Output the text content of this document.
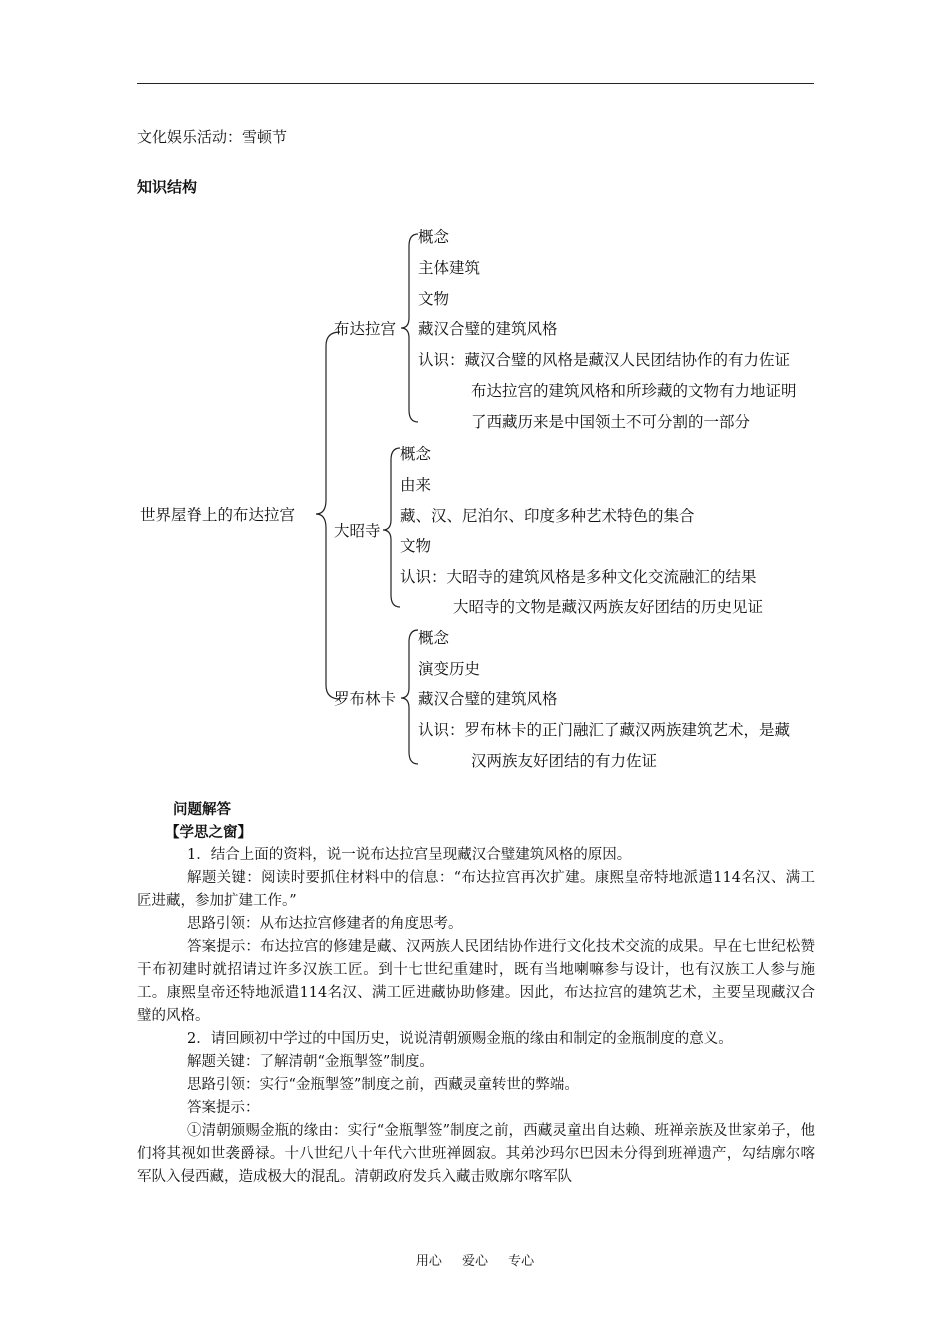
文化娱乐活动：雪顿节
知识结构
世界屋脊上的布达拉宫
布达拉宫
概念
主体建筑
文物
藏汉合璧的建筑风格
认识：藏汉合璧的风格是藏汉人民团结协作的有力佐证
布达拉宫的建筑风格和所珍藏的文物有力地证明
了西藏历来是中国领土不可分割的一部分
大昭寺
概念
由来
藏、汉、尼泊尔、印度多种艺术特色的集合
文物
认识：大昭寺的建筑风格是多种文化交流融汇的结果
大昭寺的文物是藏汉两族友好团结的历史见证
罗布林卡
概念
演变历史
藏汉合璧的建筑风格
认识：罗布林卡的正门融汇了藏汉两族建筑艺术，是藏
汉两族友好团结的有力佐证

问题解答

【学思之窗】

1．结合上面的资料，说一说布达拉宫呈现藏汉合璧建筑风格的原因。

解题关键：阅读时要抓住材料中的信息：“布达拉宫再次扩建。康熙皇帝特地派遣114名汉、满工匠进藏，参加扩建工作。”

思路引领：从布达拉宫修建者的角度思考。

答案提示：布达拉宫的修建是藏、汉两族人民团结协作进行文化技术交流的成果。早在七世纪松赞干布初建时就招请过许多汉族工匠。到十七世纪重建时，既有当地喇嘛参与设计，也有汉族工人参与施工。康熙皇帝还特地派遣114名汉、满工匠进藏协助修建。因此，布达拉宫的建筑艺术，主要呈现藏汉合璧的风格。

2．请回顾初中学过的中国历史，说说清朝颁赐金瓶的缘由和制定的金瓶制度的意义。

解题关键：了解清朝“金瓶掣签”制度。

思路引领：实行“金瓶掣签”制度之前，西藏灵童转世的弊端。

答案提示：

①清朝颁赐金瓶的缘由：实行“金瓶掣签”制度之前，西藏灵童出自达赖、班禅亲族及世家弟子，他们将其视如世袭爵禄。十八世纪八十年代六世班禅圆寂。其弟沙玛尔巴因未分得到班禅遗产，勾结廓尔喀军队入侵西藏，造成极大的混乱。清朝政府发兵入藏击败廓尔喀军队

用心 爱心 专心
